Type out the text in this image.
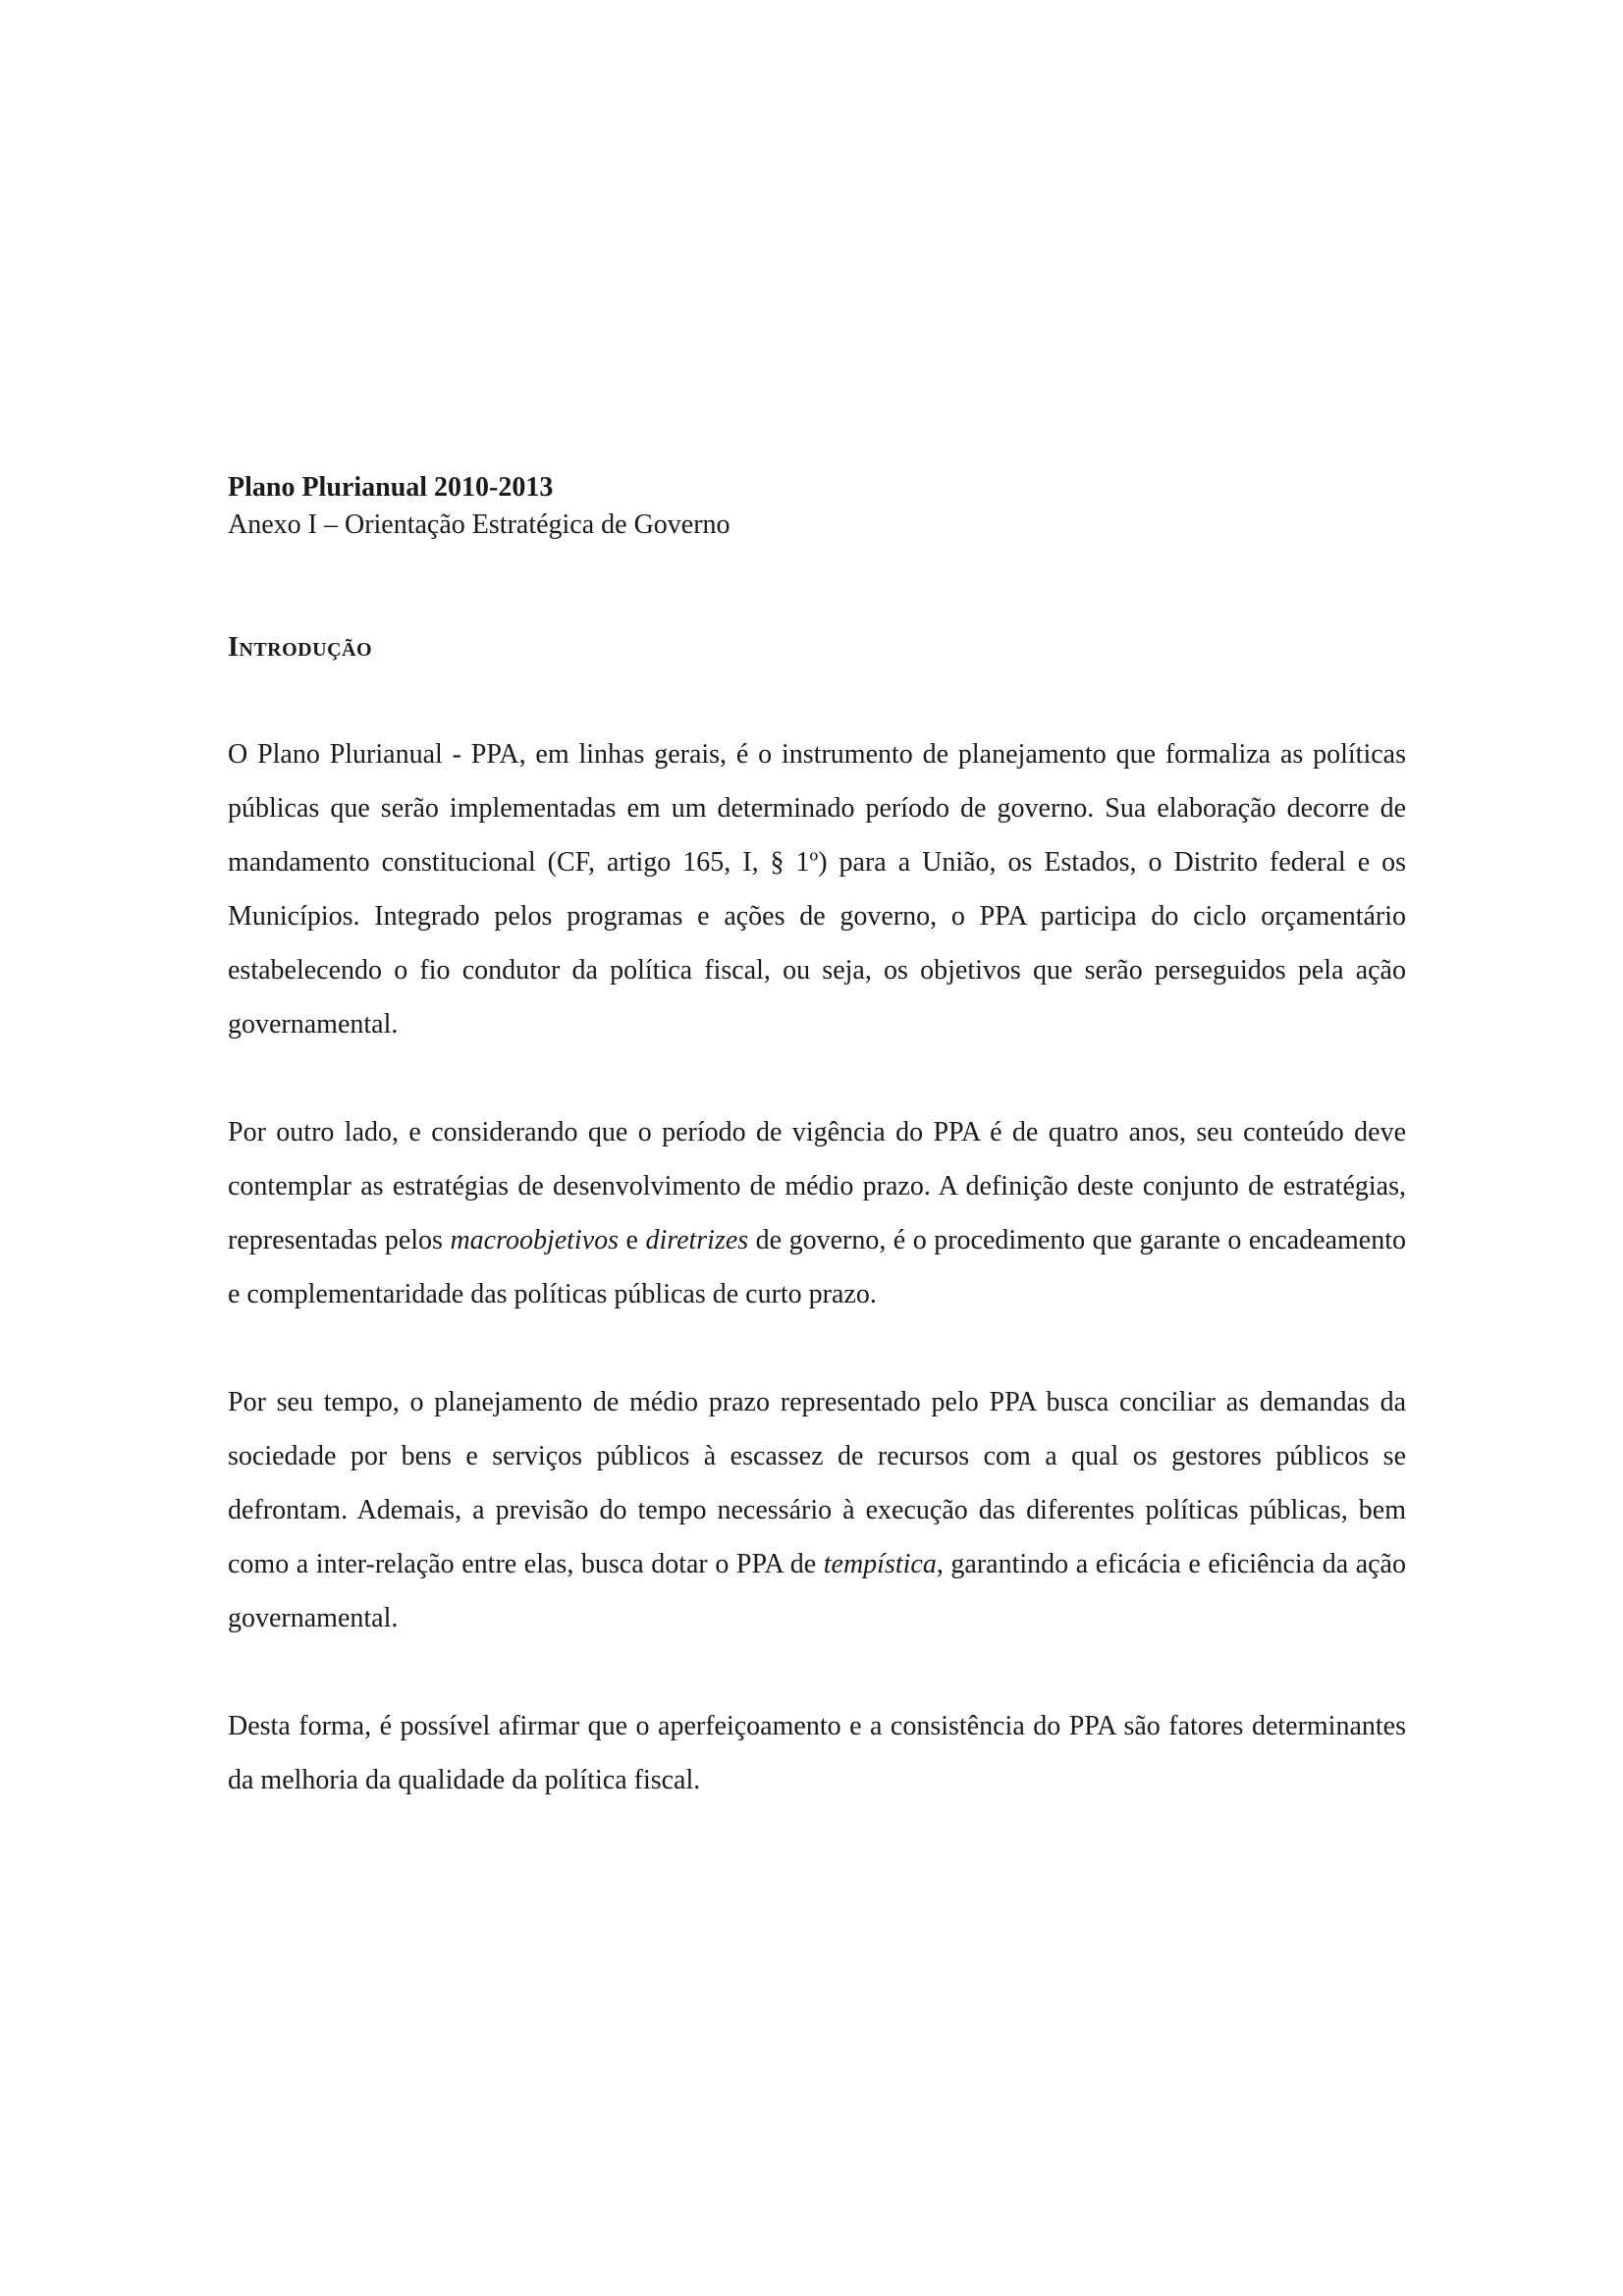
Plano Plurianual 2010-2013

Anexo I – Orientação Estratégica de Governo

Introdução

O Plano Plurianual - PPA, em linhas gerais, é o instrumento de planejamento que formaliza as políticas públicas que serão implementadas em um determinado período de governo. Sua elaboração decorre de mandamento constitucional (CF, artigo 165, I, § 1º) para a União, os Estados, o Distrito federal e os Municípios. Integrado pelos programas e ações de governo, o PPA participa do ciclo orçamentário estabelecendo o fio condutor da política fiscal, ou seja, os objetivos que serão perseguidos pela ação governamental.

Por outro lado, e considerando que o período de vigência do PPA é de quatro anos, seu conteúdo deve contemplar as estratégias de desenvolvimento de médio prazo. A definição deste conjunto de estratégias, representadas pelos macroobjetivos e diretrizes de governo, é o procedimento que garante o encadeamento e complementaridade das políticas públicas de curto prazo.

Por seu tempo, o planejamento de médio prazo representado pelo PPA busca conciliar as demandas da sociedade por bens e serviços públicos à escassez de recursos com a qual os gestores públicos se defrontam. Ademais, a previsão do tempo necessário à execução das diferentes políticas públicas, bem como a inter-relação entre elas, busca dotar o PPA de tempística, garantindo a eficácia e eficiência da ação governamental.

Desta forma, é possível afirmar que o aperfeiçoamento e a consistência do PPA são fatores determinantes da melhoria da qualidade da política fiscal.
